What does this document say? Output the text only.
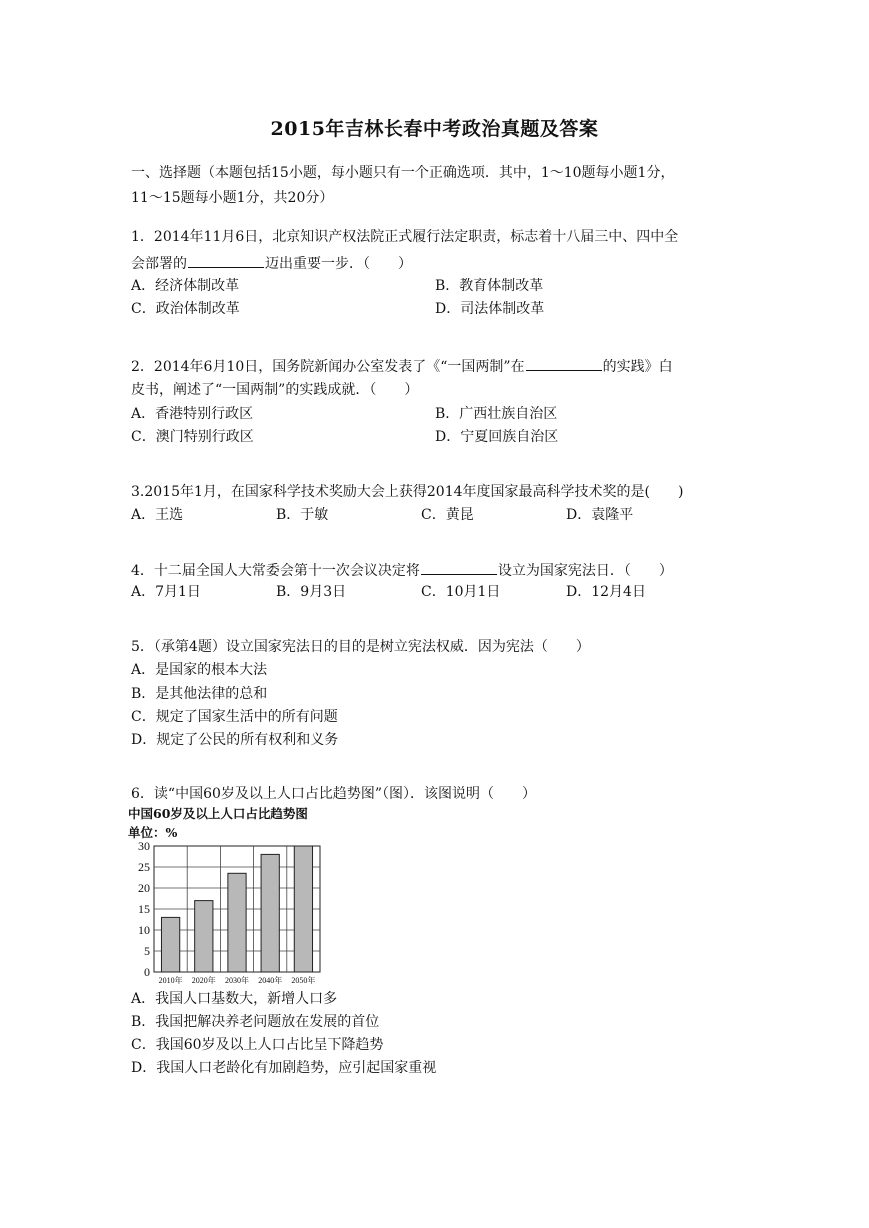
2015年吉林长春中考政治真题及答案
一、选择题（本题包括15小题，每小题只有一个正确选项．其中，1～10题每小题1分，
11～15题每小题1分，共20分）
1．2014年11月6日，北京知识产权法院正式履行法定职责，标志着十八届三中、四中全
会部署的	迈出重要一步．（　　）
A．经济体制改革	B．教育体制改革
C．政治体制改革	D．司法体制改革
2．2014年6月10日，国务院新闻办公室发表了《“一国两制”在	的实践》白
皮书，阐述了“一国两制”的实践成就．（　　）
A．香港特别行政区	B．广西壮族自治区
C．澳门特别行政区	D．宁夏回族自治区
3.2015年1月，在国家科学技术奖励大会上获得2014年度国家最高科学技术奖的是(　　)
A．王选	B．于敏	C．黄昆	D．袁隆平
4．十二届全国人大常委会第十一次会议决定将	设立为国家宪法日．（　　）
A．7月1日	B．9月3日	C．10月1日	D．12月4日
5．（承第4题）设立国家宪法日的目的是树立宪法权威．因为宪法（　　）
A．是国家的根本大法
B．是其他法律的总和
C．规定了国家生活中的所有问题
D．规定了公民的所有权利和义务
6．读“中国60岁及以上人口占比趋势图”（图）．该图说明（　　）
中国60岁及以上人口占比趋势图
单位：%
0
5
10
15
20
25
30
2010年 2020年 2030年 2040年 2050年
A．我国人口基数大，新增人口多
B．我国把解决养老问题放在发展的首位
C．我国60岁及以上人口占比呈下降趋势
D．我国人口老龄化有加剧趋势，应引起国家重视
